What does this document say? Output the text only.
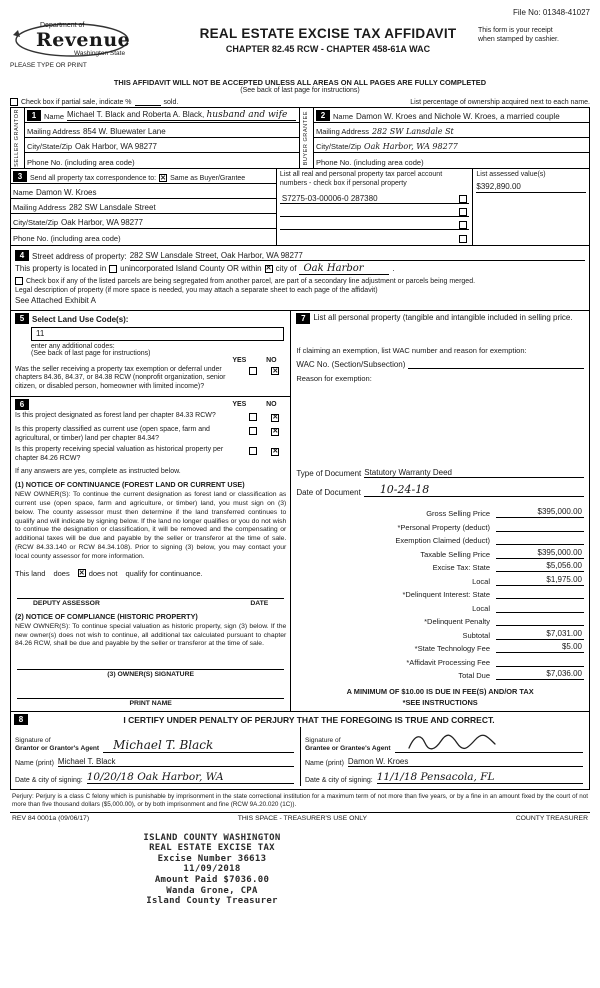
File No: 01348-41027
Department of
Revenue
Washington State
PLEASE TYPE OR PRINT
REAL ESTATE EXCISE TAX AFFIDAVIT
CHAPTER 82.45 RCW - CHAPTER 458-61A WAC
This form is your receipt
when stamped by cashier.
THIS AFFIDAVIT WILL NOT BE ACCEPTED UNLESS ALL AREAS ON ALL PAGES ARE FULLY COMPLETED
(See back of last page for instructions)
Check box if partial sale, indicate %	sold.	List percentage of ownership acquired next to each name.
SELLER GRANTOR	1	Name Michael T. Black and Roberta A. Black, husband and wife
Mailing Address 854 W. Bluewater Lane
City/State/Zip Oak Harbor, WA 98277
Phone No. (including area code)	BUYER GRANTEE	2	Name Damon W. Kroes and Nichole W. Kroes, a married couple
Mailing Address 282 SW Lansdale St
City/State/Zip Oak Harbor, WA 98277
Phone No. (including area code)
3	Send all property tax correspondence to: ✕ Same as Buyer/Grantee
Name Damon W. Kroes
Mailing Address 282 SW Lansdale Street
City/State/Zip Oak Harbor, WA 98277
Phone No. (including area code)
List all real and personal property tax parcel account numbers - check box if personal property
S7275-03-00006-0 287380
List assessed value(s)
$392,890.00
4 Street address of property: 282 SW Lansdale Street, Oak Harbor, WA 98277
This property is located in unincorporated Island County OR within ✕ city of Oak Harbor	.
Check box if any of the listed parcels are being segregated from another parcel, are part of a secondary line adjustment or parcels being merged.
Legal description of property (if more space is needed, you may attach a separate sheet to each page of the affidavit)
See Attached Exhibit A
5 Select Land Use Code(s):
11
enter any additional codes:
(See back of last page for instructions)
YES	NO
Was the seller receiving a property tax exemption or deferral under chapters 84.36, 84.37, or 84.38 RCW (nonprofit organization, senior citizen, or disabled person, homeowner with limited income)?
✕
6	YES	NO
Is this project designated as forest land per chapter 84.33 RCW?	✕
Is this property classified as current use (open space, farm and agricultural, or timber) land per chapter 84.34?
✕
Is this property receiving special valuation as historical property per chapter 84.26 RCW?
✕
If any answers are yes, complete as instructed below.
(1) NOTICE OF CONTINUANCE (FOREST LAND OR CURRENT USE)
NEW OWNER(S): To continue the current designation as forest land or classification as current use (open space, farm and agriculture, or timber) land, you must sign on (3) below. The county assessor must then determine if the land transferred continues to qualify and will indicate by signing below. If the land no longer qualifies or you do not wish to continue the designation or classification, it will be removed and the compensating or additional taxes will be due and payable by the seller or transferor at the time of sale. (RCW 84.33.140 or RCW 84.34.108). Prior to signing (3) below, you may contact your local county assessor for more information.
This land does ✕ does not qualify for continuance.
DEPUTY ASSESSOR	DATE
(2) NOTICE OF COMPLIANCE (HISTORIC PROPERTY)
NEW OWNER(S): To continue special valuation as historic property, sign (3) below. If the new owner(s) does not wish to continue, all additional tax calculated pursuant to chapter 84.26 RCW, shall be due and payable by the seller or transferor at the time of sale.
(3) OWNER(S) SIGNATURE
PRINT NAME
7 List all personal property (tangible and intangible included in selling price.
If claiming an exemption, list WAC number and reason for exemption:
WAC No. (Section/Subsection)
Reason for exemption:
Type of Document Statutory Warranty Deed
Date of Document	10-24-18
Gross Selling Price	$395,000.00
*Personal Property (deduct)
Exemption Claimed (deduct)
Taxable Selling Price	$395,000.00
Excise Tax: State	$5,056.00
Local	$1,975.00
*Delinquent Interest: State
Local
*Delinquent Penalty
Subtotal	$7,031.00
*State Technology Fee	$5.00
*Affidavit Processing Fee
Total Due	$7,036.00
A MINIMUM OF $10.00 IS DUE IN FEE(S) AND/OR TAX
*SEE INSTRUCTIONS
8	I CERTIFY UNDER PENALTY OF PERJURY THAT THE FOREGOING IS TRUE AND CORRECT.
Signature of
Grantor or Grantor's Agent Michael T. Black
Name (print) Michael T. Black
Date & city of signing: 10/20/18 Oak Harbor, WA
Signature of
Grantee or Grantee's Agent
Name (print) Damon W. Kroes
Date & city of signing: 11/1/18 Pensacola, FL
Perjury: Perjury is a class C felony which is punishable by imprisonment in the state correctional institution for a maximum term of not more than five years, or by a fine in an amount fixed by the court of not more than five thousand dollars ($5,000.00), or by both imprisonment and fine (RCW 9A.20.020 (1C)).
REV 84 0001a (09/06/17)	THIS SPACE - TREASURER'S USE ONLY	COUNTY TREASURER
ISLAND COUNTY WASHINGTON
REAL ESTATE EXCISE TAX
Excise Number 36613
11/09/2018
Amount Paid $7036.00
Wanda Grone, CPA
Island County Treasurer
